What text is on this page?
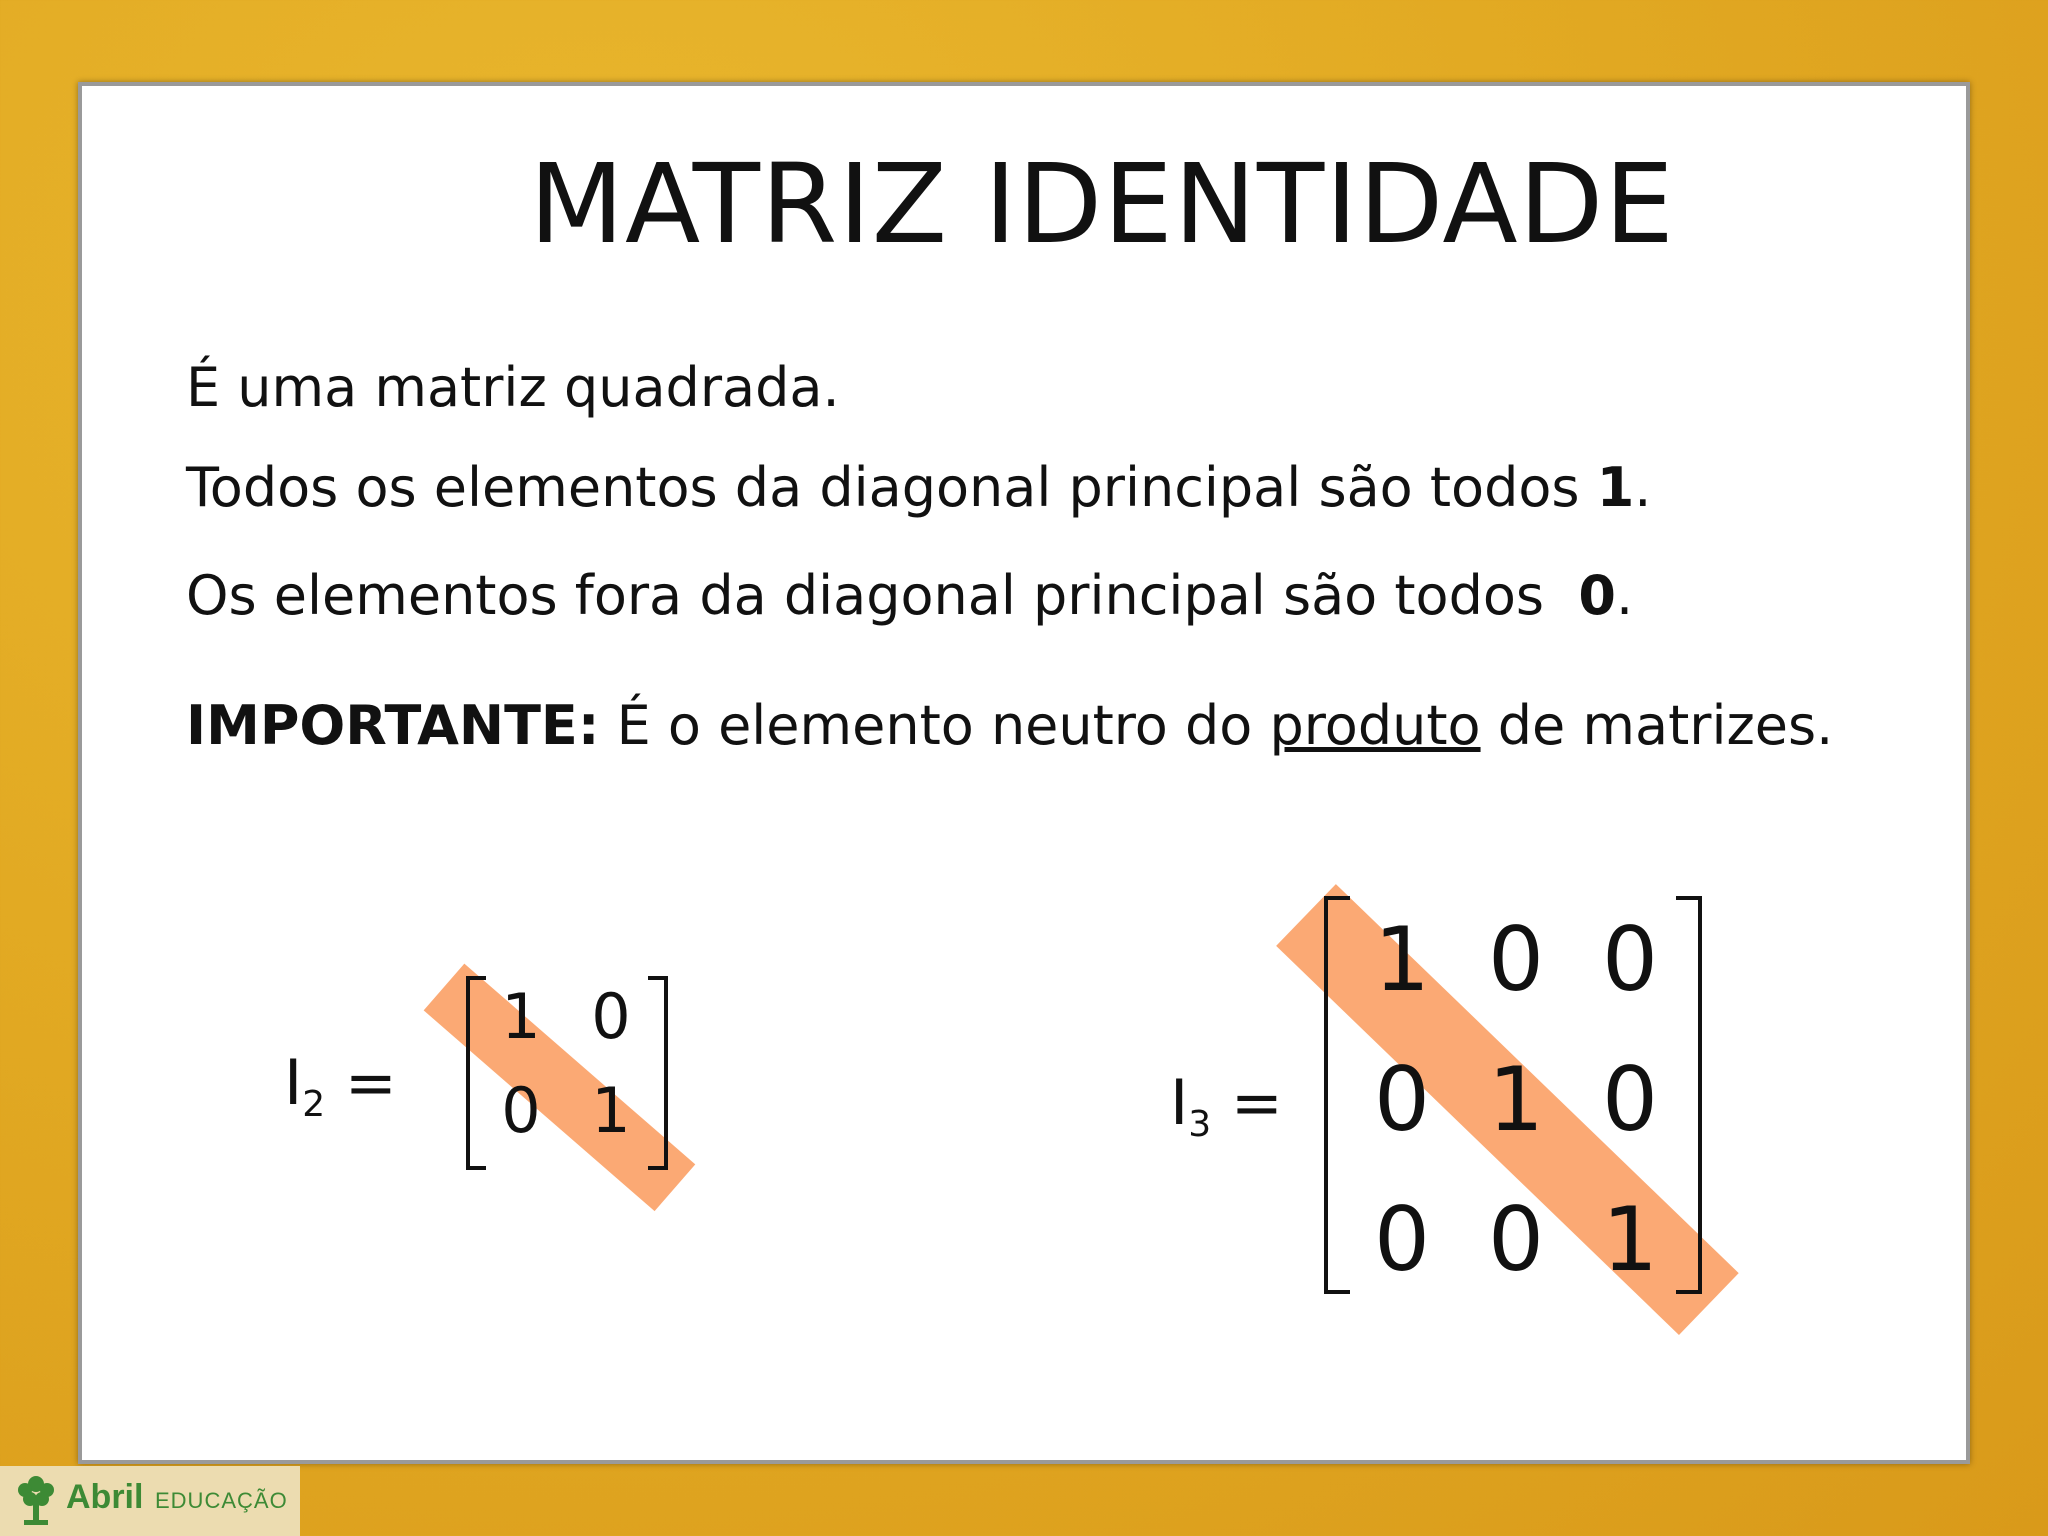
MATRIZ IDENTIDADE
É uma matriz quadrada.
Todos os elementos da diagonal principal são todos 1.
Os elementos fora da diagonal principal são todos  0.
IMPORTANTE: É o elemento neutro do produto de matrizes.
$I_2$ =
1 0
0 1	$I_3$ =
1 0 0
0 1 0
0 0 1
Abril EDUCAÇÃO
